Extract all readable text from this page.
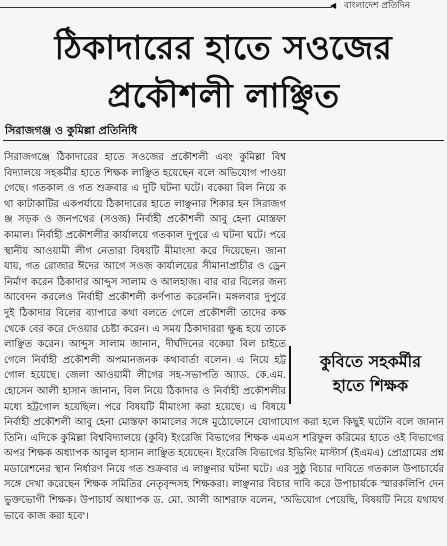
◀ বাংলাদেশ প্রতিদিন
ঠিকাদারের হাতে সওজের
প্রকৌশলী লাঞ্ছিত
সিরাজগঞ্জ ও কুমিল্লা প্রতিনিধি
সিরাজগঞ্জে ঠিকাদারের হাতে সওজের প্রকৌশলী এবং কুমিল্লা বিশ্ববিদ্যালয়ে সহকর্মীর হাতে শিক্ষক লাঞ্ছিত হয়েছেন বলে অভিযোগ পাওয়া গেছে। গতকাল ও গত শুক্রবার এ দুটি ঘটনা ঘটে। বকেয়া বিল নিয়ে কথা কাটাকাটির একপর্যায়ে ঠিকাদারের হাতে লাঞ্ছনার শিকার হন সিরাজগঞ্জ সড়ক ও জনপথের (সওজ) নির্বাহী প্রকৌশলী আবু হেনা মোস্তফা কামাল। নির্বাহী প্রকৌশলীর কার্যালয়ে গতকাল দুপুরে এ ঘটনা ঘটে। পরে স্থানীয় আওয়ামী লীগ নেতারা বিষয়টি মীমাংসা করে দিয়েছেন। জানা যায়, গত রোজার ঈদের আগে সওজ কার্যালয়ের সীমানাপ্রাচীর ও ড্রেন নির্মাণ করেন ঠিকাদার আব্দুস সালাম ও আলহাজ। বার বার বিলের জন্য আবেদন করলেও নির্বাহী প্রকৌশলী কর্ণপাত করেননি। মঙ্গলবার দুপুরে দুই ঠিকাদার বিলের ব্যাপারে কথা বলতে গেলে প্রকৌশলী তাদের কক্ষ থেকে বের করে দেওয়ার চেষ্টা করেন। এ সময় ঠিকাদাররা ক্ষুব্ধ হয়ে তাকে লাঞ্ছিত করেন। আব্দুস সালাম জানান, দীর্ঘদিনের বকেয়া বিল চাইতে গেলে নির্বাহী প্রকৌশলী অপমানজনক কথাবার্তা বলেন। এ নিয়ে হট্টগোল হয়েছে। জেলা আওয়ামী লীগের সহ-সভাপতি অ্যাড. কে.এম. হোসেন আলী হাসান জানান, বিল নিয়ে ঠিকাদার ও নির্বাহী প্রকৌশলীর মধ্যে হট্টগোল হয়েছিল। পরে বিষয়টি মীমাংসা করা হয়েছে। এ বিষয়ে নির্বাহী প্রকৌশলী আবু হেনা মোস্তফা কামালের সঙ্গে মুঠোফোনে যোগাযোগ করা হলে কিছুই ঘটেনি বলে জানান তিনি। এদিকে কুমিল্লা বিশ্ববিদ্যালয়ে (কুবি) ইংরেজি বিভাগের শিক্ষক এমএস শরিফুল করিমের হাতে ওই বিভাগের অপর শিক্ষক অধ্যাপক আবুল হাসান লাঞ্ছিত হয়েছেন। ইংরেজি বিভাগের ইভিনিং মাস্টার্স (ইএমএ) প্রোগ্রামের প্রশ্ন মডারেশনের স্থান নির্ধারণ নিয়ে গত শুক্রবার এ লাঞ্ছনার ঘটনা ঘটে। এর সুষ্ঠু বিচার দাবিতে গতকাল উপাচার্যের সঙ্গে দেখা করেছেন শিক্ষক সমিতির নেতৃবৃন্দসহ শিক্ষকরা। লাঞ্ছনার বিচার দাবি করে উপাচার্যকে স্মারকলিপি দেন ভুক্তভোগী শিক্ষক। উপাচার্য অধ্যাপক ড. মো. আলী আশরাফ বলেন, 'অভিযোগ পেয়েছি, বিষয়টি নিয়ে যথাযথভাবে কাজ করা হবে'।
কুবিতে সহকর্মীর
হাতে শিক্ষক
